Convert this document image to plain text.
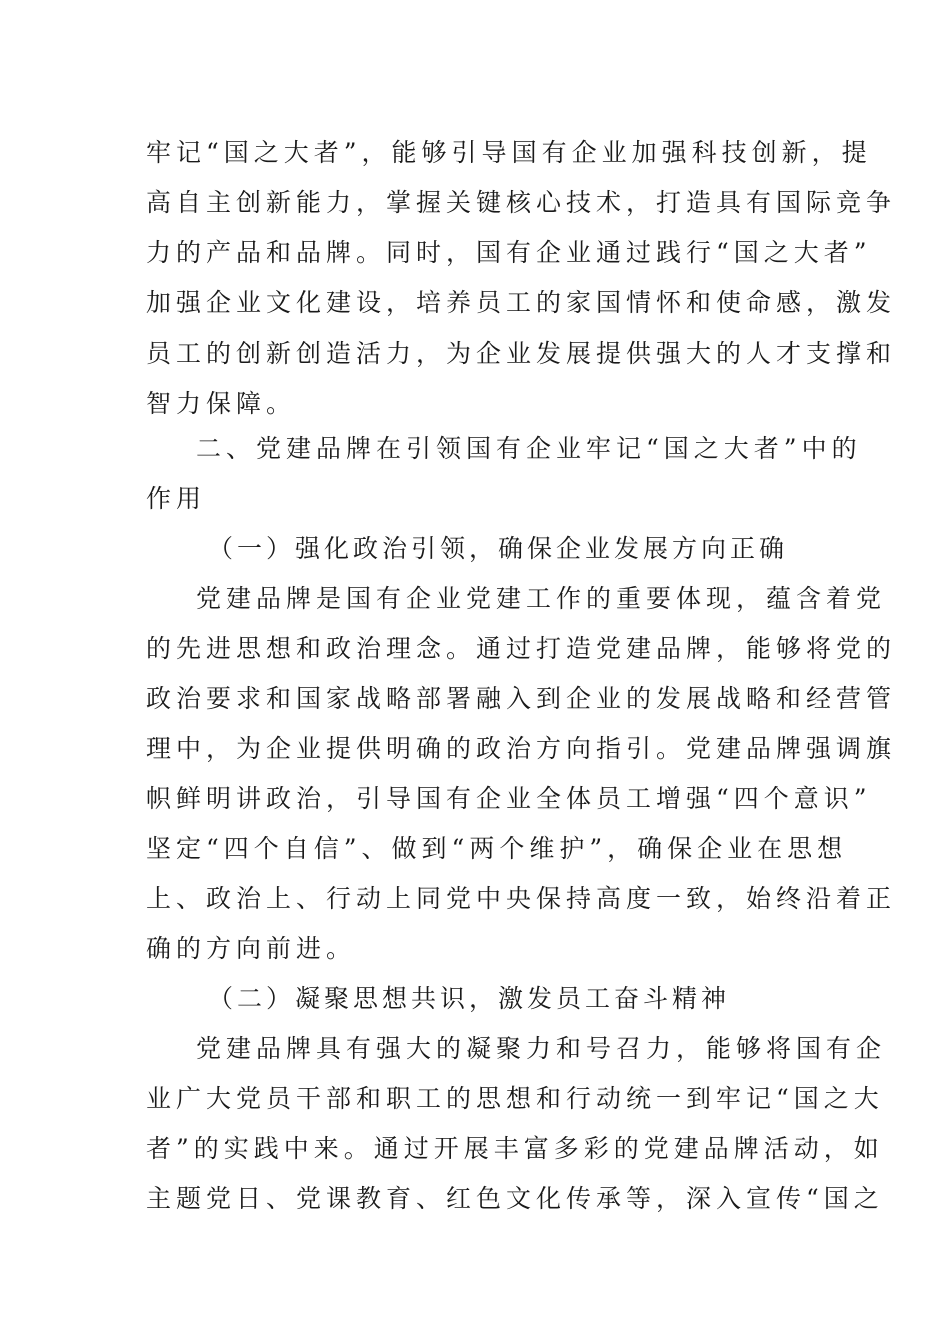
牢记“国之大者”，能够引导国有企业加强科技创新，提
高自主创新能力，掌握关键核心技术，打造具有国际竞争
力的产品和品牌。同时，国有企业通过践行“国之大者”
加强企业文化建设，培养员工的家国情怀和使命感，激发
员工的创新创造活力，为企业发展提供强大的人才支撑和
智力保障。
二、党建品牌在引领国有企业牢记“国之大者”中的
作用
（一）强化政治引领，确保企业发展方向正确
党建品牌是国有企业党建工作的重要体现，蕴含着党
的先进思想和政治理念。通过打造党建品牌，能够将党的
政治要求和国家战略部署融入到企业的发展战略和经营管
理中，为企业提供明确的政治方向指引。党建品牌强调旗
帜鲜明讲政治，引导国有企业全体员工增强“四个意识”
坚定“四个自信”、做到“两个维护”，确保企业在思想
上、政治上、行动上同党中央保持高度一致，始终沿着正
确的方向前进。
（二）凝聚思想共识，激发员工奋斗精神
党建品牌具有强大的凝聚力和号召力，能够将国有企
业广大党员干部和职工的思想和行动统一到牢记“国之大
者”的实践中来。通过开展丰富多彩的党建品牌活动，如
主题党日、党课教育、红色文化传承等，深入宣传“国之
